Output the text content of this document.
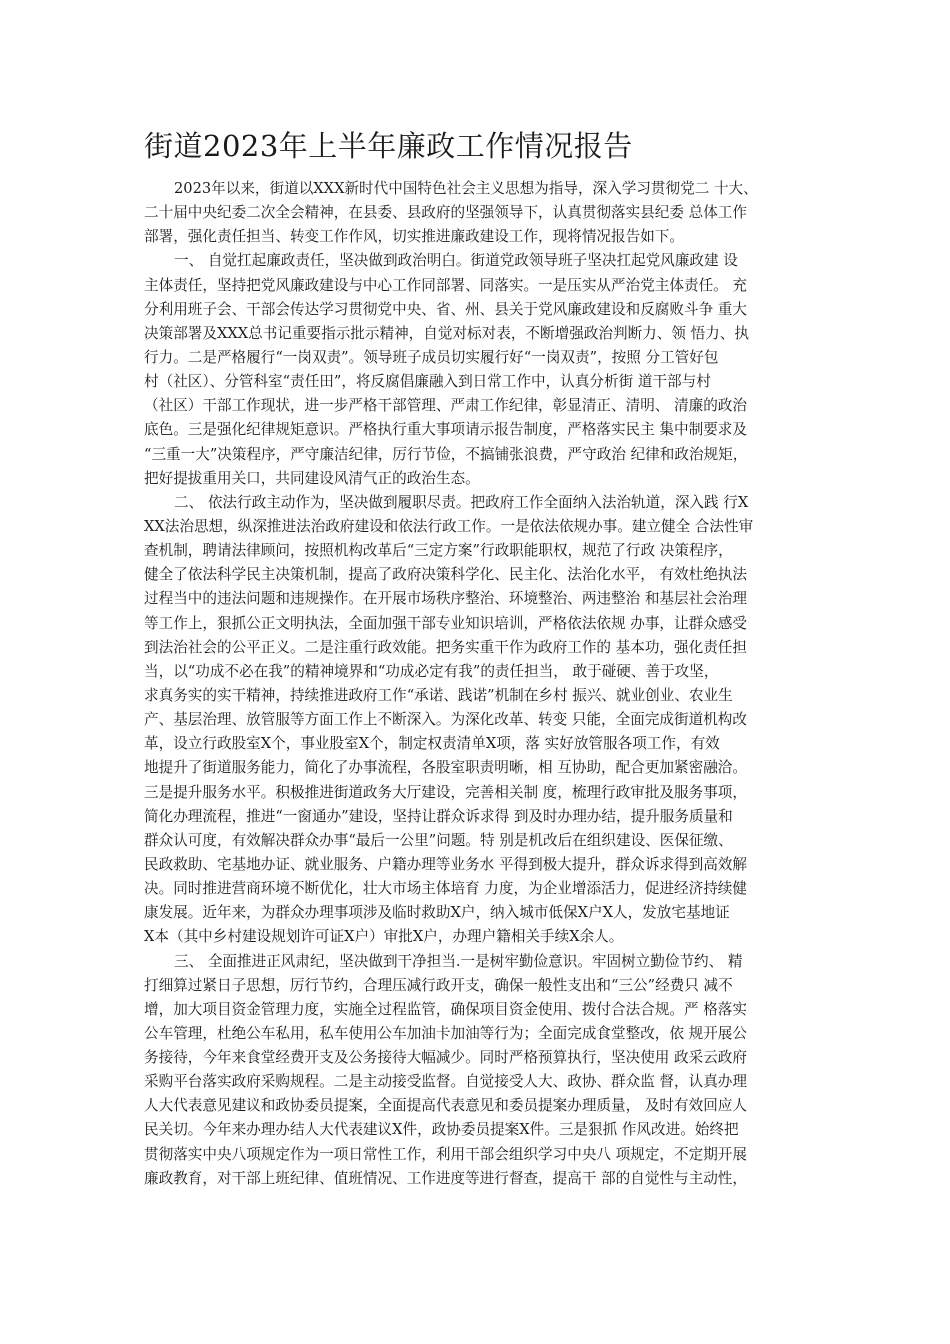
街道2023年上半年廉政工作情况报告
2023年以来，街道以XXX新时代中国特色社会主义思想为指导，深入学习贯彻党二 十大、
二十届中央纪委二次全会精神，在县委、县政府的坚强领导下，认真贯彻落实县纪委 总体工作
部署，强化责任担当、转变工作作风，切实推进廉政建设工作，现将情况报告如下。
一、 自觉扛起廉政责任，坚决做到政治明白。街道党政领导班子坚决扛起党风廉政建 设
主体责任，坚持把党风廉政建设与中心工作同部署、同落实。一是压实从严治党主体责任。 充
分利用班子会、干部会传达学习贯彻党中央、省、州、县关于党风廉政建设和反腐败斗争 重大
决策部署及XXX总书记重要指示批示精神，自觉对标对表，不断增强政治判断力、领 悟力、执
行力。二是严格履行“一岗双责”。领导班子成员切实履行好“一岗双责”，按照 分工管好包
村（社区）、分管科室“责任田”，将反腐倡廉融入到日常工作中，认真分析街 道干部与村
（社区）干部工作现状，进一步严格干部管理、严肃工作纪律，彰显清正、清明、 清廉的政治
底色。三是强化纪律规矩意识。严格执行重大事项请示报告制度，严格落实民主 集中制要求及
“三重一大”决策程序，严守廉洁纪律，厉行节俭，不搞铺张浪费，严守政治 纪律和政治规矩，
把好提拔重用关口，共同建设风清气正的政治生态。
二、 依法行政主动作为，坚决做到履职尽责。把政府工作全面纳入法治轨道，深入践 行X
XX法治思想，纵深推进法治政府建设和依法行政工作。一是依法依规办事。建立健全 合法性审
查机制，聘请法律顾问，按照机构改革后“三定方案”行政职能职权，规范了行政 决策程序，
健全了依法科学民主决策机制，提高了政府决策科学化、民主化、法治化水平， 有效杜绝执法
过程当中的违法问题和违规操作。在开展市场秩序整治、环境整治、两违整治 和基层社会治理
等工作上，狠抓公正文明执法，全面加强干部专业知识培训，严格依法依规 办事，让群众感受
到法治社会的公平正义。二是注重行政效能。把务实重干作为政府工作的 基本功，强化责任担
当，以“功成不必在我”的精神境界和“功成必定有我”的责任担当， 敢于碰硬、善于攻坚，
求真务实的实干精神，持续推进政府工作“承诺、践诺”机制在乡村 振兴、就业创业、农业生
产、基层治理、放管服等方面工作上不断深入。为深化改革、转变 只能，全面完成街道机构改
革，设立行政股室X个，事业股室X个，制定权责清单X项，落 实好放管服各项工作，有效
地提升了街道服务能力，简化了办事流程，各股室职责明晰，相 互协助，配合更加紧密融洽。
三是提升服务水平。积极推进街道政务大厅建设，完善相关制 度，梳理行政审批及服务事项，
简化办理流程，推进“一窗通办”建设，坚持让群众诉求得 到及时办理办结，提升服务质量和
群众认可度，有效解决群众办事“最后一公里”问题。特 别是机改后在组织建设、医保征缴、
民政救助、宅基地办证、就业服务、户籍办理等业务水 平得到极大提升，群众诉求得到高效解
决。同时推进营商环境不断优化，壮大市场主体培育 力度，为企业增添活力，促进经济持续健
康发展。近年来，为群众办理事项涉及临时救助X户，纳入城市低保X户X人，发放宅基地证
X本（其中乡村建设规划许可证X户）审批X户，办理户籍相关手续X余人。
三、 全面推进正风肃纪，坚决做到干净担当.一是树牢勤俭意识。牢固树立勤俭节约、 精
打细算过紧日子思想，厉行节约，合理压减行政开支，确保一般性支出和“三公”经费只 减不
增，加大项目资金管理力度，实施全过程监管，确保项目资金使用、拨付合法合规。严 格落实
公车管理，杜绝公车私用，私车使用公车加油卡加油等行为；全面完成食堂整改，依 规开展公
务接待，今年来食堂经费开支及公务接待大幅减少。同时严格预算执行，坚决使用 政采云政府
采购平台落实政府采购规程。二是主动接受监督。自觉接受人大、政协、群众监 督，认真办理
人大代表意见建议和政协委员提案，全面提高代表意见和委员提案办理质量， 及时有效回应人
民关切。今年来办理办结人大代表建议X件，政协委员提案X件。三是狠抓 作风改进。始终把
贯彻落实中央八项规定作为一项日常性工作，利用干部会组织学习中央八 项规定，不定期开展
廉政教育，对干部上班纪律、值班情况、工作进度等进行督查，提高干 部的自觉性与主动性，
